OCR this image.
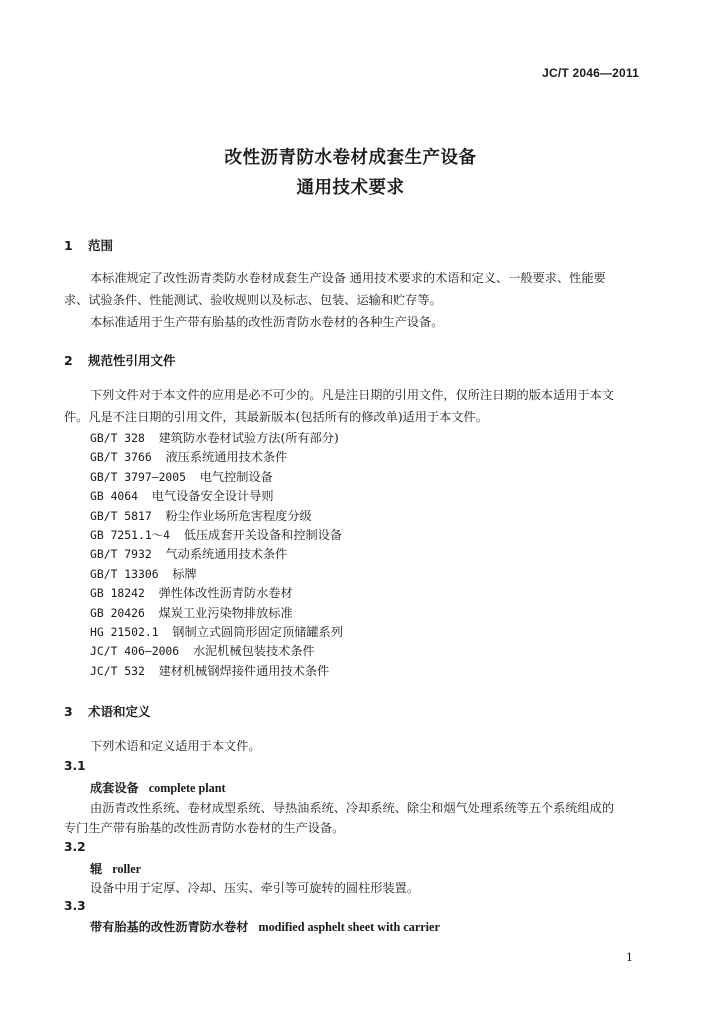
JC/T 2046—2011
改性沥青防水卷材成套生产设备
通用技术要求
1 范围
本标准规定了改性沥青类防水卷材成套生产设备 通用技术要求的术语和定义、一般要求、性能要
求、试验条件、性能测试、验收规则以及标志、包装、运输和贮存等。
本标准适用于生产带有胎基的改性沥青防水卷材的各种生产设备。
2 规范性引用文件
下列文件对于本文件的应用是必不可少的。凡是注日期的引用文件，仅所注日期的版本适用于本文
件。凡是不注日期的引用文件，其最新版本(包括所有的修改单)适用于本文件。
GB/T 328 建筑防水卷材试验方法(所有部分)
GB/T 3766 液压系统通用技术条件
GB/T 3797—2005 电气控制设备
GB 4064 电气设备安全设计导则
GB/T 5817 粉尘作业场所危害程度分级
GB 7251.1～4 低压成套开关设备和控制设备
GB/T 7932 气动系统通用技术条件
GB/T 13306 标牌
GB 18242 弹性体改性沥青防水卷材
GB 20426 煤炭工业污染物排放标准
HG 21502.1 钢制立式圆筒形固定顶储罐系列
JC/T 406—2006 水泥机械包装技术条件
JC/T 532 建材机械钢焊接件通用技术条件
3 术语和定义
下列术语和定义适用于本文件。
3.1
成套设备 complete plant
由沥青改性系统、卷材成型系统、导热油系统、冷却系统、除尘和烟气处理系统等五个系统组成的
专门生产带有胎基的改性沥青防水卷材的生产设备。
3.2
辊 roller
设备中用于定厚、冷却、压实、牵引等可旋转的圆柱形装置。
3.3
带有胎基的改性沥青防水卷材 modified asphelt sheet with carrier
1
